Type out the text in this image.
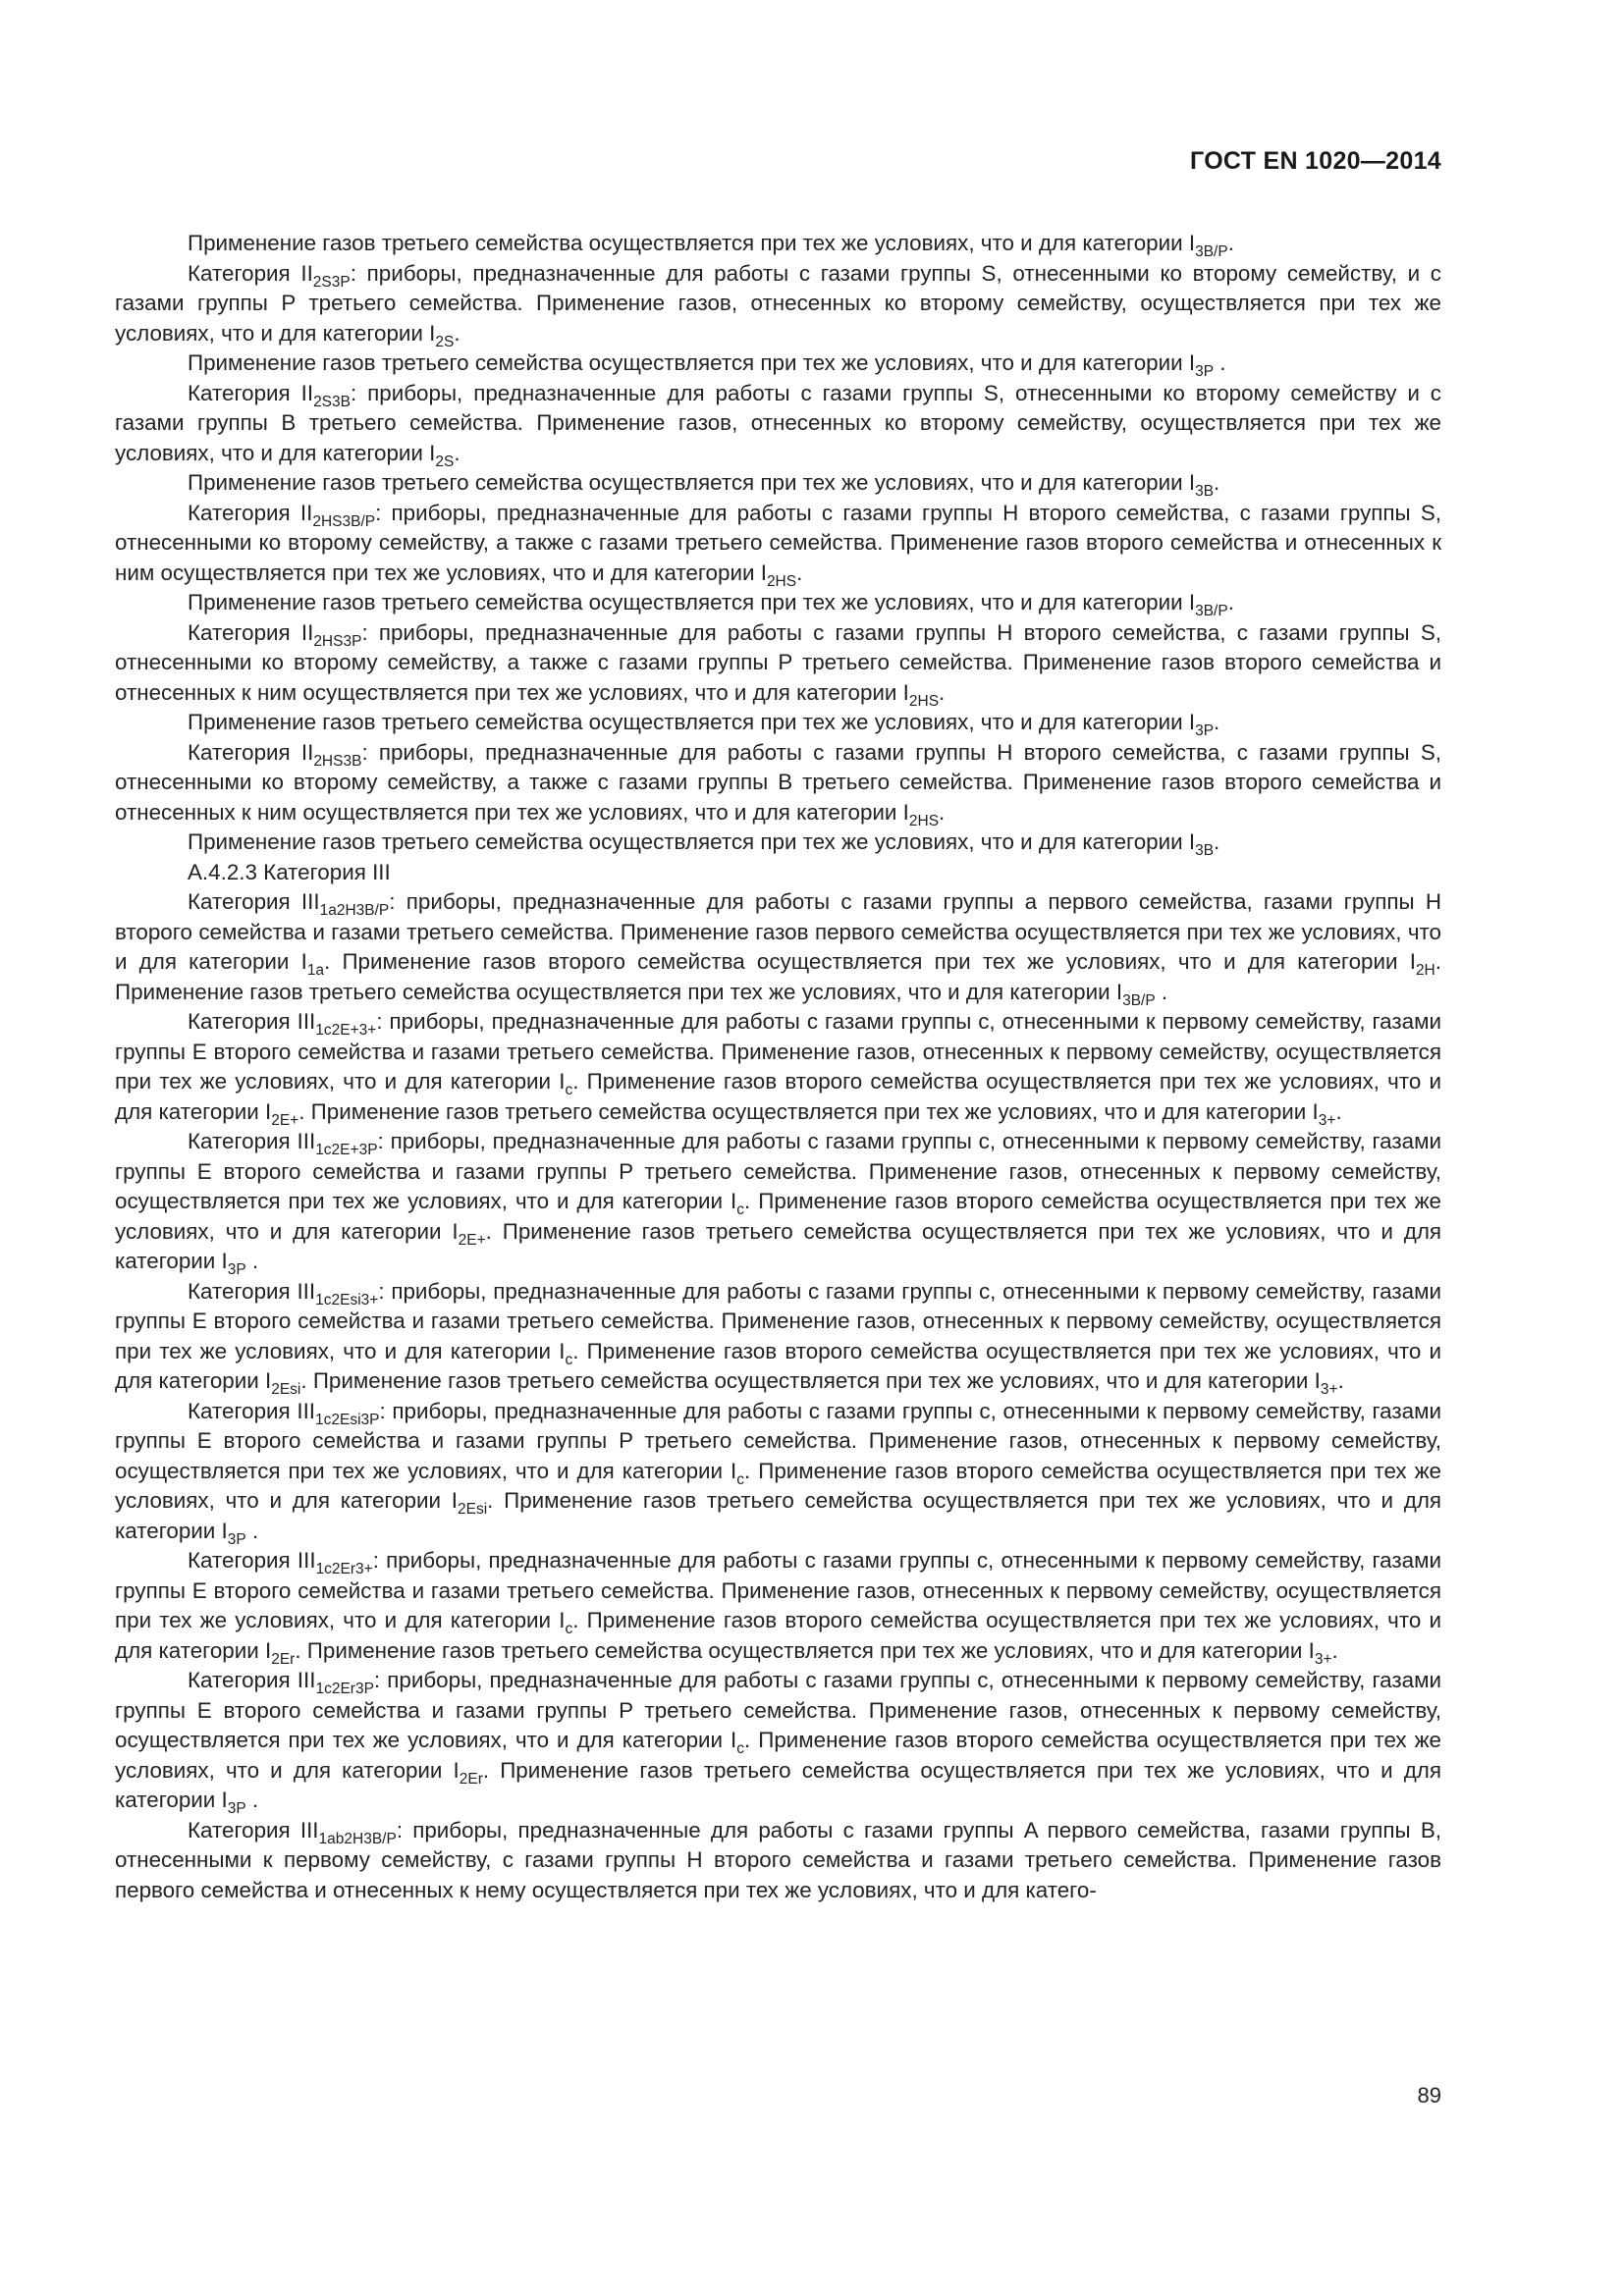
ГОСТ EN 1020—2014

Применение газов третьего семейства осуществляется при тех же условиях, что и для категории $I_{3B/P}$.

Категория $II_{2S3P}$: приборы, предназначенные для работы с газами группы S, отнесенными ко второму семейству, и с газами группы P третьего семейства. Применение газов, отнесенных ко второму семейству, осуществляется при тех же условиях, что и для категории $I_{2S}$.

Применение газов третьего семейства осуществляется при тех же условиях, что и для категории $I_{3P}$ .

Категория $II_{2S3B}$: приборы, предназначенные для работы с газами группы S, отнесенными ко второму семейству и с газами группы B третьего семейства. Применение газов, отнесенных ко второму семейству, осуществляется при тех же условиях, что и для категории $I_{2S}$.

Применение газов третьего семейства осуществляется при тех же условиях, что и для категории $I_{3B}$.

Категория $II_{2HS3B/P}$: приборы, предназначенные для работы с газами группы H второго семейства, с газами группы S, отнесенными ко второму семейству, а также с газами третьего семейства. Применение газов второго семейства и отнесенных к ним осуществляется при тех же условиях, что и для категории $I_{2HS}$.

Применение газов третьего семейства осуществляется при тех же условиях, что и для категории $I_{3B/P}$.

Категория $II_{2HS3P}$: приборы, предназначенные для работы с газами группы H второго семейства, с газами группы S, отнесенными ко второму семейству, а также с газами группы P третьего семейства. Применение газов второго семейства и отнесенных к ним осуществляется при тех же условиях, что и для категории $I_{2HS}$.

Применение газов третьего семейства осуществляется при тех же условиях, что и для категории $I_{3P}$.

Категория $II_{2HS3B}$: приборы, предназначенные для работы с газами группы H второго семейства, с газами группы S, отнесенными ко второму семейству, а также с газами группы B третьего семейства. Применение газов второго семейства и отнесенных к ним осуществляется при тех же условиях, что и для категории $I_{2HS}$.

Применение газов третьего семейства осуществляется при тех же условиях, что и для категории $I_{3B}$.

А.4.2.3 Категория III

Категория $III_{1a2H3B/P}$: приборы, предназначенные для работы с газами группы a первого семейства, газами группы H второго семейства и газами третьего семейства. Применение газов первого семейства осуществляется при тех же условиях, что и для категории $I_{1a}$. Применение газов второго семейства осуществляется при тех же условиях, что и для категории $I_{2H}$. Применение газов третьего семейства осуществляется при тех же условиях, что и для категории $I_{3B/P}$ .

Категория $III_{1c2E+3+}$: приборы, предназначенные для работы с газами группы c, отнесенными к первому семейству, газами группы E второго семейства и газами третьего семейства. Применение газов, отнесенных к первому семейству, осуществляется при тех же условиях, что и для категории $I_c$. Применение газов второго семейства осуществляется при тех же условиях, что и для категории $I_{2E+}$. Применение газов третьего семейства осуществляется при тех же условиях, что и для категории $I_{3+}$.

Категория $III_{1c2E+3P}$: приборы, предназначенные для работы с газами группы c, отнесенными к первому семейству, газами группы E второго семейства и газами группы P третьего семейства. Применение газов, отнесенных к первому семейству, осуществляется при тех же условиях, что и для категории $I_c$. Применение газов второго семейства осуществляется при тех же условиях, что и для категории $I_{2E+}$. Применение газов третьего семейства осуществляется при тех же условиях, что и для категории $I_{3P}$ .

Категория $III_{1c2Esi3+}$: приборы, предназначенные для работы с газами группы c, отнесенными к первому семейству, газами группы E второго семейства и газами третьего семейства. Применение газов, отнесенных к первому семейству, осуществляется при тех же условиях, что и для категории $I_c$. Применение газов второго семейства осуществляется при тех же условиях, что и для категории $I_{2Esi}$. Применение газов третьего семейства осуществляется при тех же условиях, что и для категории $I_{3+}$.

Категория $III_{1c2Esi3P}$: приборы, предназначенные для работы с газами группы c, отнесенными к первому семейству, газами группы E второго семейства и газами группы P третьего семейства. Применение газов, отнесенных к первому семейству, осуществляется при тех же условиях, что и для категории $I_c$. Применение газов второго семейства осуществляется при тех же условиях, что и для категории $I_{2Esi}$. Применение газов третьего семейства осуществляется при тех же условиях, что и для категории $I_{3P}$ .

Категория $III_{1c2Er3+}$: приборы, предназначенные для работы с газами группы c, отнесенными к первому семейству, газами группы E второго семейства и газами третьего семейства. Применение газов, отнесенных к первому семейству, осуществляется при тех же условиях, что и для категории $I_c$. Применение газов второго семейства осуществляется при тех же условиях, что и для категории $I_{2Er}$. Применение газов третьего семейства осуществляется при тех же условиях, что и для категории $I_{3+}$.

Категория $III_{1c2Er3P}$: приборы, предназначенные для работы с газами группы c, отнесенными к первому семейству, газами группы E второго семейства и газами группы P третьего семейства. Применение газов, отнесенных к первому семейству, осуществляется при тех же условиях, что и для категории $I_c$. Применение газов второго семейства осуществляется при тех же условиях, что и для категории $I_{2Er}$. Применение газов третьего семейства осуществляется при тех же условиях, что и для категории $I_{3P}$ .

Категория $III_{1ab2H3B/P}$: приборы, предназначенные для работы с газами группы A первого семейства, газами группы B, отнесенными к первому семейству, с газами группы H второго семейства и газами третьего семейства. Применение газов первого семейства и отнесенных к нему осуществляется при тех же условиях, что и для катего-

89
